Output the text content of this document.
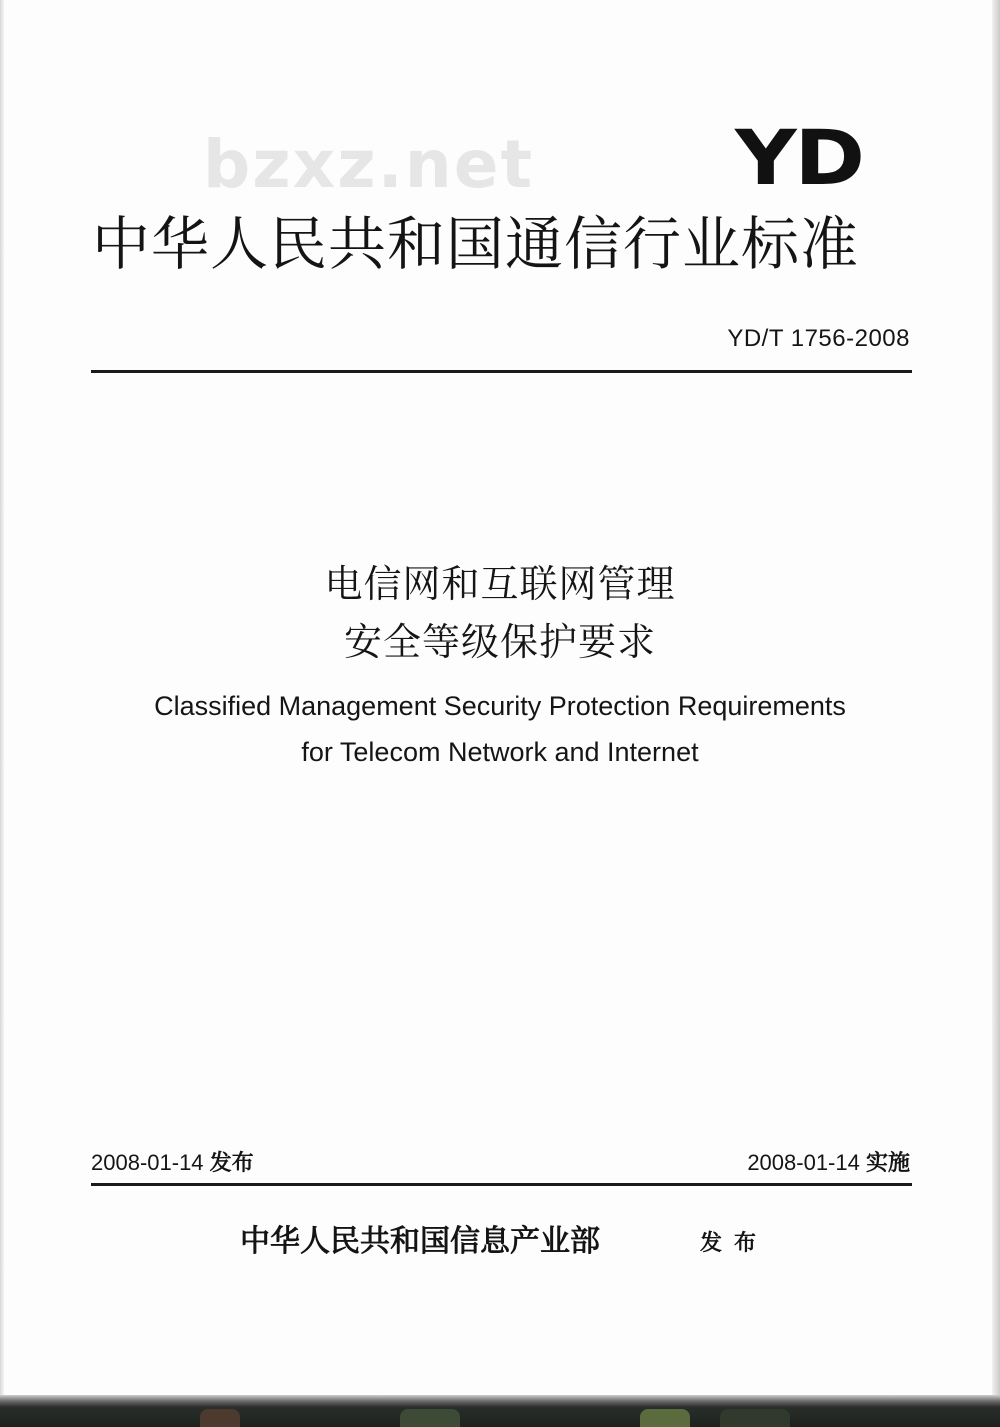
bzxz.net	YD
中华人民共和国通信行业标准
YD/T 1756-2008
电信网和互联网管理
安全等级保护要求
Classified Management Security Protection Requirements
for Telecom Network and Internet
2008-01-14 发布	2008-01-14 实施
中华人民共和国信息产业部	发布
